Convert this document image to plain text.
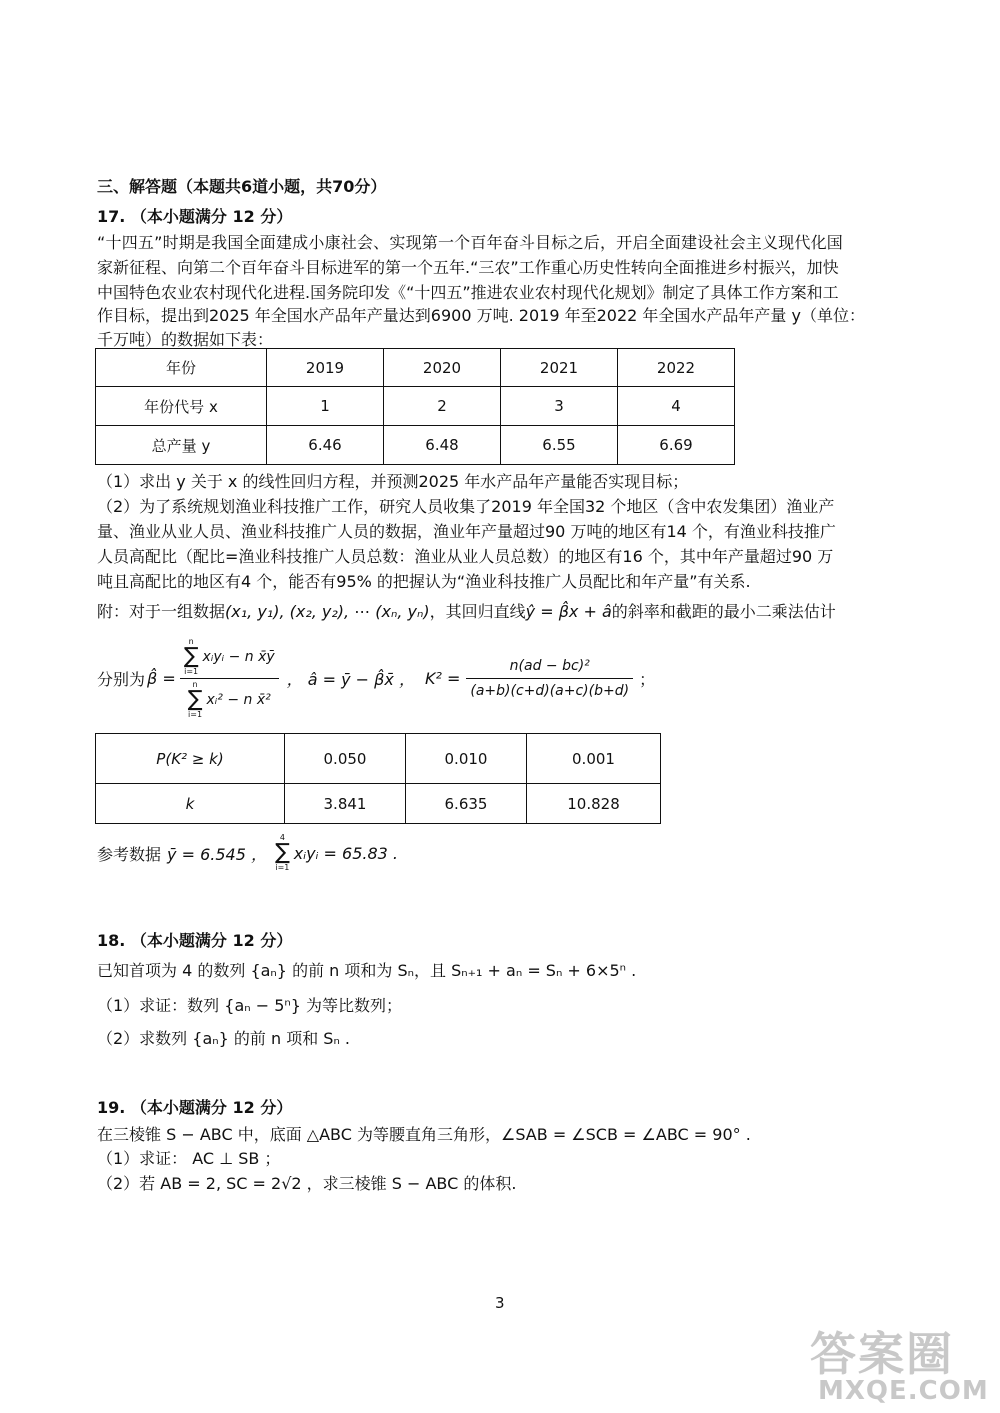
三、解答题（本题共6道小题，共70分）
17. （本小题满分 12 分）
“十四五”时期是我国全面建成小康社会、实现第一个百年奋斗目标之后，开启全面建设社会主义现代化国
家新征程、向第二个百年奋斗目标进军的第一个五年.“三农”工作重心历史性转向全面推进乡村振兴，加快
中国特色农业农村现代化进程.国务院印发《“十四五”推进农业农村现代化规划》制定了具体工作方案和工
作目标，提出到2025 年全国水产品年产量达到6900 万吨. 2019 年至2022 年全国水产品年产量 y（单位：
千万吨）的数据如下表：
年份	2019	2020	2021	2022
年份代号 x	1	2	3	4
总产量 y	6.46	6.48	6.55	6.69
（1）求出 y 关于 x 的线性回归方程，并预测2025 年水产品年产量能否实现目标；
（2）为了系统规划渔业科技推广工作，研究人员收集了2019 年全国32 个地区（含中农发集团）渔业产
量、渔业从业人员、渔业科技推广人员的数据，渔业年产量超过90 万吨的地区有14 个，有渔业科技推广
人员高配比（配比=渔业科技推广人员总数：渔业从业人员总数）的地区有16 个，其中年产量超过90 万
吨且高配比的地区有4 个，能否有95% 的把握认为“渔业科技推广人员配比和年产量”有关系.
附：对于一组数据(x₁, y₁), (x₂, y₂), ⋯ (xₙ, yₙ)，其回归直线ŷ = β̂x + â的斜率和截距的最小二乘法估计
分别为 β̂ = n
∑
i=1
xᵢyᵢ − n x̄ȳ
n
∑
i=1
xᵢ² − n x̄² ， â = ȳ − β̂x̄ ， $K^2 = \frac{\text{n(ad − bc)²}}{(a+b)(c+d)(a+c)(b+d)}$ ；
P(K² ≥ k)	0.050	0.010	0.001
k	3.841	6.635	10.828
参考数据 ȳ = 6.545 ，
4
∑
i=1
xᵢyᵢ = 65.83 .
18. （本小题满分 12 分）
已知首项为 4 的数列 {aₙ} 的前 n 项和为 Sₙ，且 Sₙ₊₁ + aₙ = Sₙ + 6×5ⁿ .
（1）求证：数列 {aₙ − 5ⁿ} 为等比数列；
（2）求数列 {aₙ} 的前 n 项和 Sₙ .
19. （本小题满分 12 分）
在三棱锥 S − ABC 中，底面 △ABC 为等腰直角三角形，∠SAB = ∠SCB = ∠ABC = 90° .
（1）求证： AC ⊥ SB ；
（2）若 AB = 2, SC = 2√2 ，求三棱锥 S − ABC 的体积.
3
答案圈
MXQE.COM
